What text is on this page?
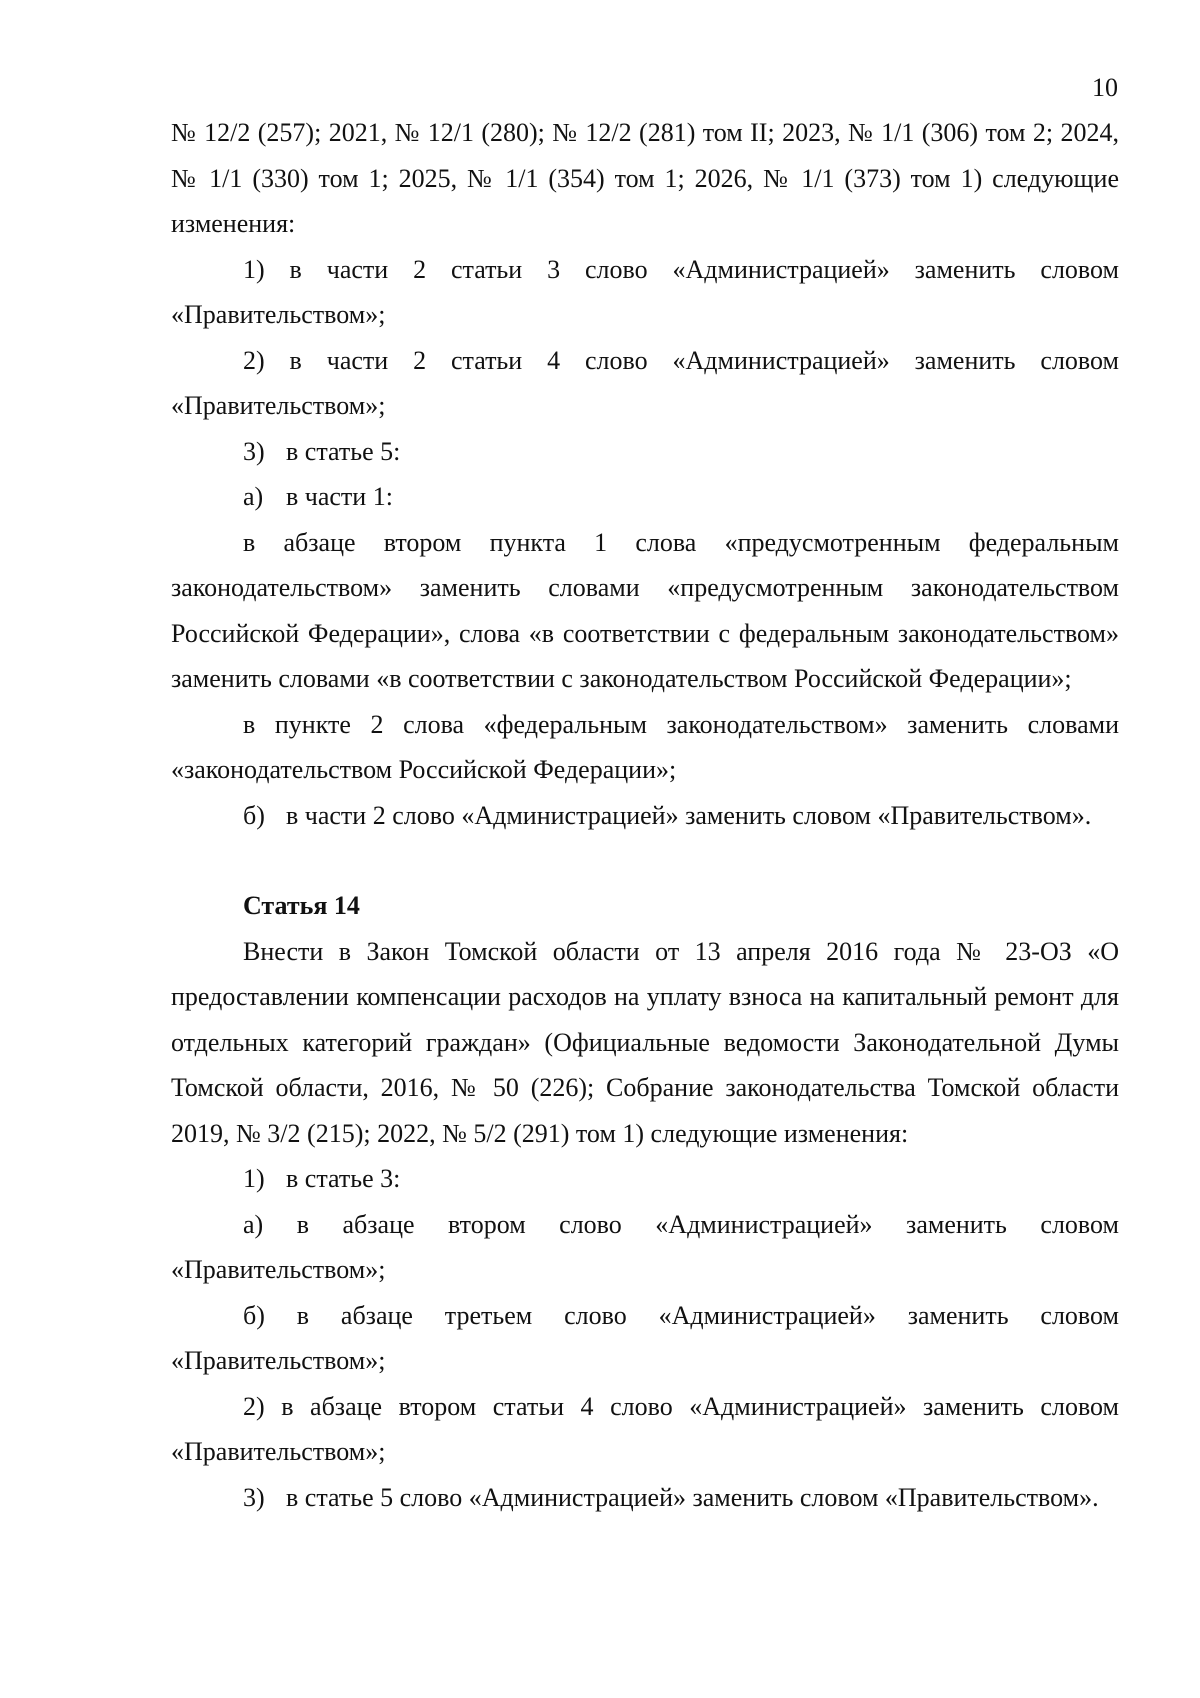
10

№ 12/2 (257); 2021, № 12/1 (280); № 12/2 (281) том II; 2023, № 1/1 (306) том 2; 2024, № 1/1 (330) том 1; 2025, № 1/1 (354) том 1; 2026, № 1/1 (373) том 1) следующие изменения:

1) в части 2 статьи 3 слово «Администрацией» заменить словом «Правительством»;

2) в части 2 статьи 4 слово «Администрацией» заменить словом «Правительством»;

3) в статье 5:

а) в части 1:

в абзаце втором пункта 1 слова «предусмотренным федеральным законодательством» заменить словами «предусмотренным законодательством Российской Федерации», слова «в соответствии с федеральным законодательством» заменить словами «в соответствии с законодательством Российской Федерации»;

в пункте 2 слова «федеральным законодательством» заменить словами «законодательством Российской Федерации»;

б) в части 2 слово «Администрацией» заменить словом «Правительством».

Статья 14

Внести в Закон Томской области от 13 апреля 2016 года № 23-ОЗ «О предоставлении компенсации расходов на уплату взноса на капитальный ремонт для отдельных категорий граждан» (Официальные ведомости Законодательной Думы Томской области, 2016, № 50 (226); Собрание законодательства Томской области 2019, № 3/2 (215); 2022, № 5/2 (291) том 1) следующие изменения:

1) в статье 3:

а) в абзаце втором слово «Администрацией» заменить словом «Правительством»;

б) в абзаце третьем слово «Администрацией» заменить словом «Правительством»;

2) в абзаце втором статьи 4 слово «Администрацией» заменить словом «Правительством»;

3) в статье 5 слово «Администрацией» заменить словом «Правительством».
